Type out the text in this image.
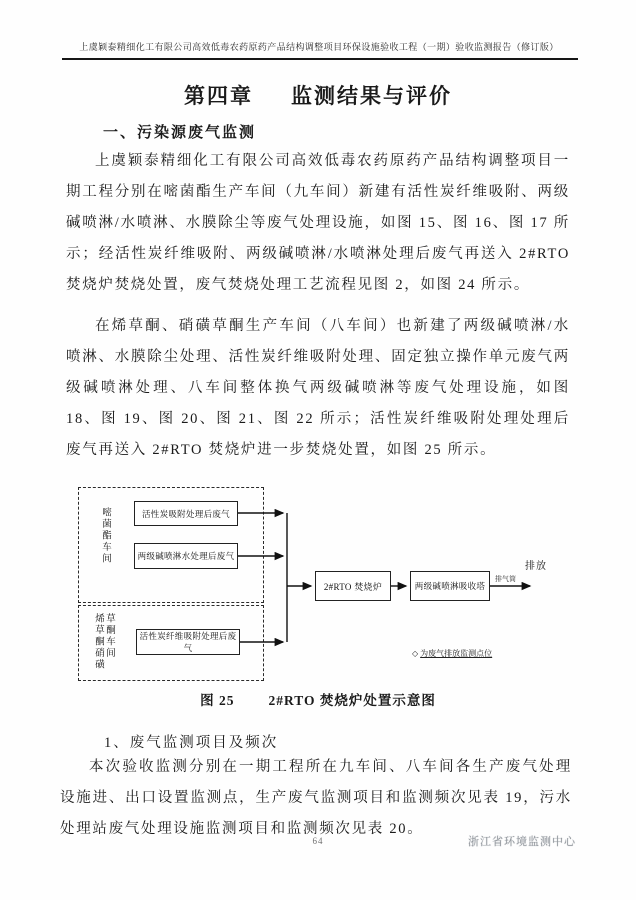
上虞颖泰精细化工有限公司高效低毒农药原药产品结构调整项目环保设施验收工程（一期）验收监测报告（修订版）
第四章 监测结果与评价
一、污染源废气监测

上虞颖泰精细化工有限公司高效低毒农药原药产品结构调整项目一期工程分别在嘧菌酯生产车间（九车间）新建有活性炭纤维吸附、两级碱喷淋/水喷淋、水膜除尘等废气处理设施，如图 15、图 16、图 17 所示；经活性炭纤维吸附、两级碱喷淋/水喷淋处理后废气再送入 2#RTO 焚烧炉焚烧处置，废气焚烧处理工艺流程见图 2，如图 24 所示。

在烯草酮、硝磺草酮生产车间（八车间）也新建了两级碱喷淋/水喷淋、水膜除尘处理、活性炭纤维吸附处理、固定独立操作单元废气两级碱喷淋处理、八车间整体换气两级碱喷淋等废气处理设施，如图 18、图 19、图 20、图 21、图 22 所示；活性炭纤维吸附处理处理后废气再送入 2#RTO 焚烧炉进一步焚烧处置，如图 25 所示。

嘧菌酯车间
烯草酮硝磺草酮车间
活性炭吸附处理后废气
两级碱喷淋水处理后废气
活性炭纤维吸附处理后废气
2#RTO 焚烧炉	两级碱喷淋吸收塔
排放
排气筒
◇ 为废气排放监测点位
图 25	2#RTO 焚烧炉处置示意图
1、废气监测项目及频次

本次验收监测分别在一期工程所在九车间、八车间各生产废气处理设施进、出口设置监测点，生产废气监测项目和监测频次见表 19，污水处理站废气处理设施监测项目和监测频次见表 20。

64	浙江省环境监测中心
